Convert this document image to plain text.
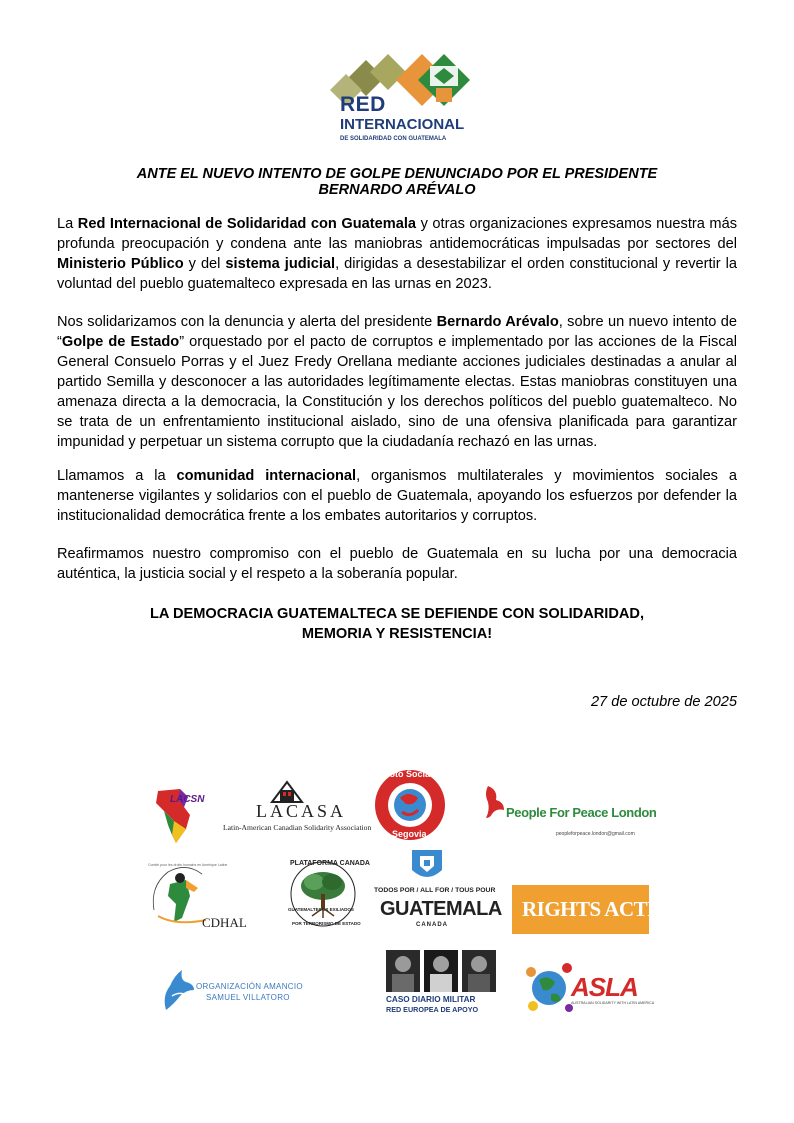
RED
INTERNACIONAL
DE SOLIDARIDAD CON GUATEMALA
ANTE EL NUEVO INTENTO DE GOLPE DENUNCIADO POR EL PRESIDENTE
BERNARDO ARÉVALO

La Red Internacional de Solidaridad con Guatemala y otras organizaciones expresamos nuestra más profunda preocupación y condena ante las maniobras antidemocráticas impulsadas por sectores del Ministerio Público y del sistema judicial, dirigidas a desestabilizar el orden constitucional y revertir la voluntad del pueblo guatemalteco expresada en las urnas en 2023.

Nos solidarizamos con la denuncia y alerta del presidente Bernardo Arévalo, sobre un nuevo intento de “Golpe de Estado” orquestado por el pacto de corruptos e implementado por las acciones de la Fiscal General Consuelo Porras y el Juez Fredy Orellana mediante acciones judiciales destinadas a anular al partido Semilla y desconocer a las autoridades legítimamente electas. Estas maniobras constituyen una amenaza directa a la democracia, la Constitución y los derechos políticos del pueblo guatemalteco. No se trata de un enfrentamiento institucional aislado, sino de una ofensiva planificada para garantizar impunidad y perpetuar un sistema corrupto que la ciudadanía rechazó en las urnas.

Llamamos a la comunidad internacional, organismos multilaterales y movimientos sociales a mantenerse vigilantes y solidarios con el pueblo de Guatemala, apoyando los esfuerzos por defender la institucionalidad democrática frente a los embates autoritarios y corruptos.

Reafirmamos nuestro compromiso con el pueblo de Guatemala en su lucha por una democracia auténtica, la justicia social y el respeto a la soberanía popular.

LA DEMOCRACIA GUATEMALTECA SE DEFIENDE CON SOLIDARIDAD,
MEMORIA Y RESISTENCIA!
27 de octubre de 2025
LACSN
LACASA
Latin-American Canadian Solidarity Association
Foto Social
Segovia
People For Peace London
peopleforpeace.london@gmail.com
CDHAL
Comité pour les droits humains en Amérique Latine	PLATAFORMA CANADA
GUATEMALTECOS EXILIADOS
POR TERRORISMO DE ESTADO
TODOS POR / ALL FOR / TOUS POUR
GUATEMALA
CANADA
RIGHTS ACTION
ORGANIZACIÓN AMANCIO
SAMUEL VILLATORO	CASO DIARIO MILITAR
RED EUROPEA DE APOYO
ASLA
AUSTRALIAN SOLIDARITY WITH LATIN AMERICA
